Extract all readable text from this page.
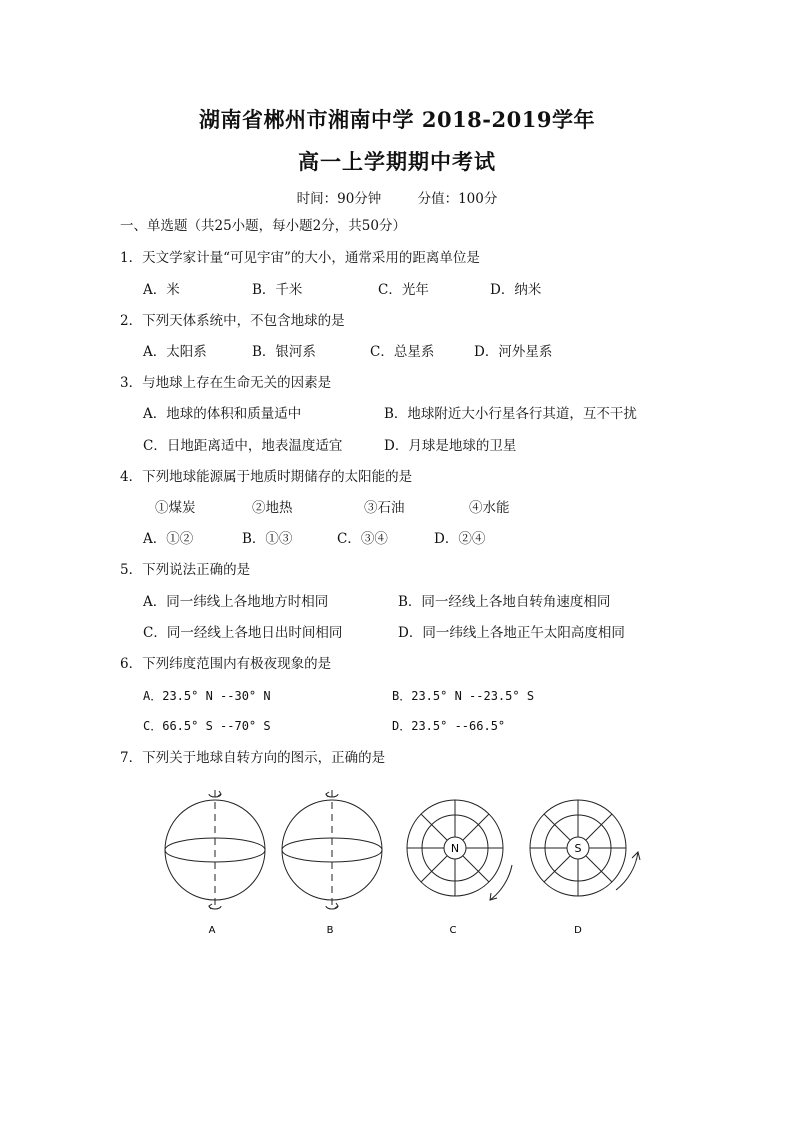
湖南省郴州市湘南中学 2018-2019学年
高一上学期期中考试
时间：90分钟	分值：100分
一、单选题（共25小题，每小题2分，共50分）
1．天文学家计量“可见宇宙”的大小，通常采用的距离单位是
A．米	B．千米	C．光年	D．纳米
2．下列天体系统中，不包含地球的是
A．太阳系	B．银河系	C．总星系	D．河外星系
3．与地球上存在生命无关的因素是
A．地球的体积和质量适中	B．地球附近大小行星各行其道，互不干扰
C．日地距离适中，地表温度适宜	D．月球是地球的卫星
4．下列地球能源属于地质时期储存的太阳能的是
①煤炭	②地热	③石油	④水能
A．①②	B．①③	C．③④	D．②④
5．下列说法正确的是
A．同一纬线上各地地方时相同	B．同一经线上各地自转角速度相同
C．同一经线上各地日出时间相同	D．同一纬线上各地正午太阳高度相同
6．下列纬度范围内有极夜现象的是
A．23.5° N --30° N	B．23.5° N --23.5° S
C．66.5° S --70° S	D．23.5° --66.5°
7．下列关于地球自转方向的图示，正确的是
N	S
A	B	C	D
